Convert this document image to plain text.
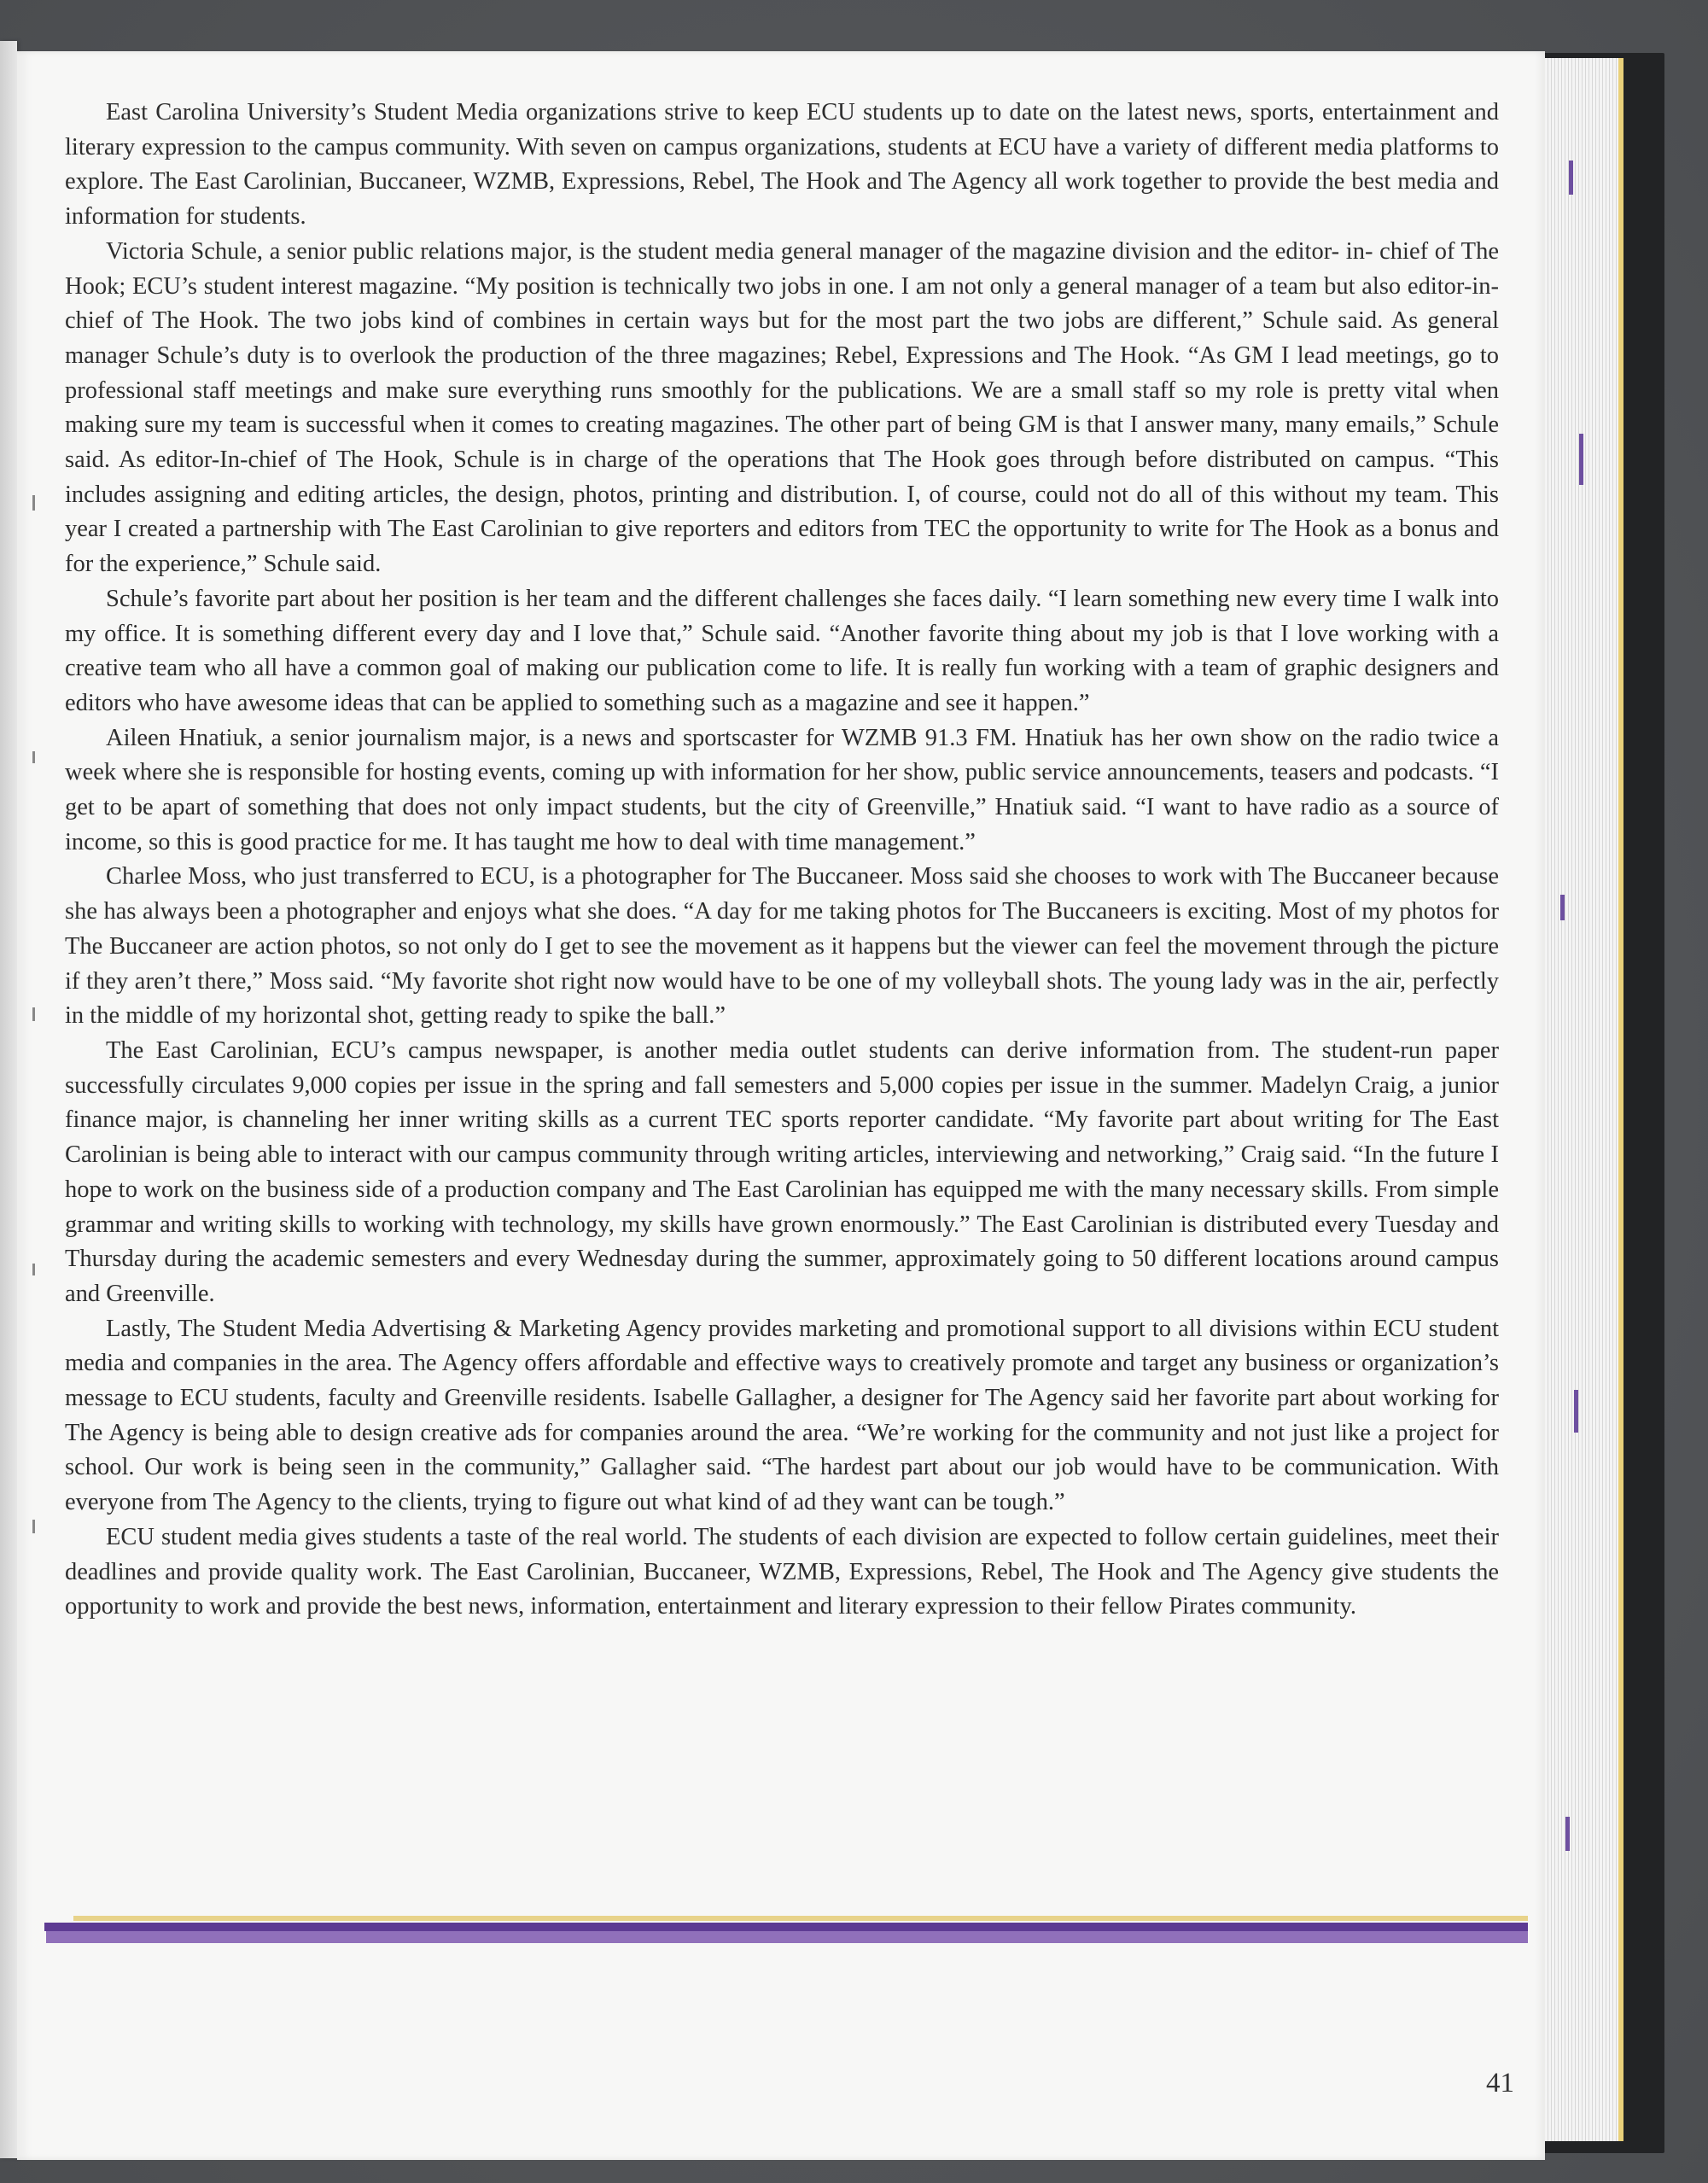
East Carolina University’s Student Media organizations strive to keep ECU students up to date on the latest news, sports, entertainment and literary expression to the campus community. With seven on campus organizations, students at ECU have a variety of different media platforms to explore. The East Carolinian, Buccaneer, WZMB, Expressions, Rebel, The Hook and The Agency all work together to provide the best media and information for students.

Victoria Schule, a senior public relations major, is the student media general manager of the magazine division and the editor- in- chief of The Hook; ECU’s student interest magazine. “My position is technically two jobs in one. I am not only a general manager of a team but also editor-in-chief of The Hook. The two jobs kind of combines in certain ways but for the most part the two jobs are different,” Schule said. As general manager Schule’s duty is to overlook the production of the three magazines; Rebel, Expressions and The Hook. “As GM I lead meetings, go to professional staff meetings and make sure everything runs smoothly for the publications. We are a small staff so my role is pretty vital when making sure my team is successful when it comes to creating magazines. The other part of being GM is that I answer many, many emails,” Schule said. As editor-In-chief of The Hook, Schule is in charge of the operations that The Hook goes through before distributed on campus. “This includes assigning and editing articles, the design, photos, printing and distribution. I, of course, could not do all of this without my team. This year I created a partnership with The East Carolinian to give reporters and editors from TEC the opportunity to write for The Hook as a bonus and for the experience,” Schule said.

Schule’s favorite part about her position is her team and the different challenges she faces daily. “I learn something new every time I walk into my office. It is something different every day and I love that,” Schule said. “Another favorite thing about my job is that I love working with a creative team who all have a common goal of making our publication come to life. It is really fun working with a team of graphic designers and editors who have awesome ideas that can be applied to something such as a magazine and see it happen.”

Aileen Hnatiuk, a senior journalism major, is a news and sportscaster for WZMB 91.3 FM. Hnatiuk has her own show on the radio twice a week where she is responsible for hosting events, coming up with information for her show, public service announcements, teasers and podcasts. “I get to be apart of something that does not only impact students, but the city of Greenville,” Hnatiuk said. “I want to have radio as a source of income, so this is good practice for me. It has taught me how to deal with time management.”

Charlee Moss, who just transferred to ECU, is a photographer for The Buccaneer. Moss said she chooses to work with The Buccaneer because she has always been a photographer and enjoys what she does. “A day for me taking photos for The Buccaneers is exciting. Most of my photos for The Buccaneer are action photos, so not only do I get to see the movement as it happens but the viewer can feel the movement through the picture if they aren’t there,” Moss said. “My favorite shot right now would have to be one of my volleyball shots. The young lady was in the air, perfectly in the middle of my horizontal shot, getting ready to spike the ball.”

The East Carolinian, ECU’s campus newspaper, is another media outlet students can derive information from. The student-run paper successfully circulates 9,000 copies per issue in the spring and fall semesters and 5,000 copies per issue in the summer. Madelyn Craig, a junior finance major, is channeling her inner writing skills as a current TEC sports reporter candidate. “My favorite part about writing for The East Carolinian is being able to interact with our campus community through writing articles, interviewing and networking,” Craig said. “In the future I hope to work on the business side of a production company and The East Carolinian has equipped me with the many necessary skills. From simple grammar and writing skills to working with technology, my skills have grown enormously.” The East Carolinian is distributed every Tuesday and Thursday during the academic semesters and every Wednesday during the summer, approximately going to 50 different locations around campus and Greenville.

Lastly, The Student Media Advertising & Marketing Agency provides marketing and promotional support to all divisions within ECU student media and companies in the area. The Agency offers affordable and effective ways to creatively promote and target any business or organization’s message to ECU students, faculty and Greenville residents. Isabelle Gallagher, a designer for The Agency said her favorite part about working for The Agency is being able to design creative ads for companies around the area. “We’re working for the community and not just like a project for school. Our work is being seen in the community,” Gallagher said. “The hardest part about our job would have to be communication. With everyone from The Agency to the clients, trying to figure out what kind of ad they want can be tough.”

ECU student media gives students a taste of the real world. The students of each division are expected to follow certain guidelines, meet their deadlines and provide quality work. The East Carolinian, Buccaneer, WZMB, Expressions, Rebel, The Hook and The Agency give students the opportunity to work and provide the best news, information, entertainment and literary expression to their fellow Pirates community.

41
